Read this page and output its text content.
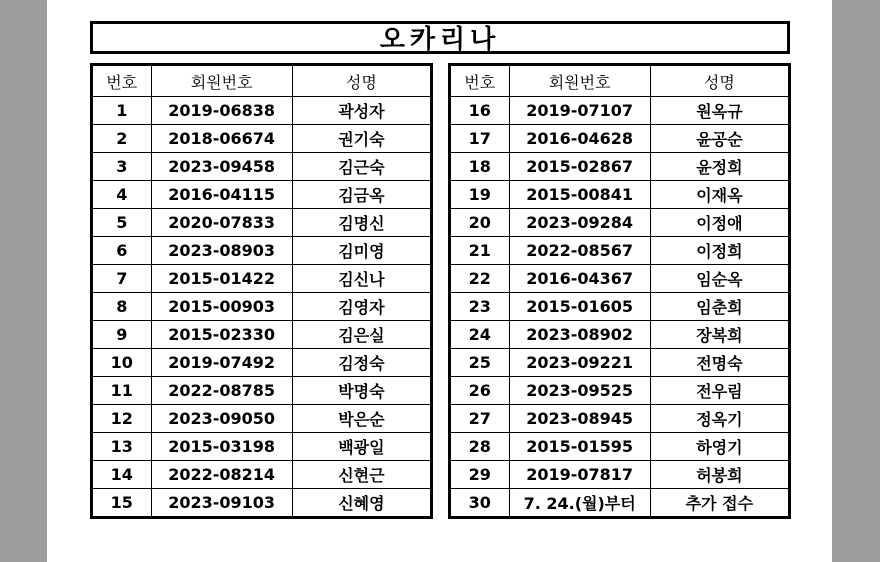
오카리나
번호	회원번호	성명
1	2019-06838	곽성자
2	2018-06674	권기숙
3	2023-09458	김근숙
4	2016-04115	김금옥
5	2020-07833	김명신
6	2023-08903	김미영
7	2015-01422	김신나
8	2015-00903	김영자
9	2015-02330	김은실
10	2019-07492	김정숙
11	2022-08785	박명숙
12	2023-09050	박은순
13	2015-03198	백광일
14	2022-08214	신현근
15	2023-09103	신혜영
번호	회원번호	성명
16	2019-07107	원옥규
17	2016-04628	윤공순
18	2015-02867	윤정희
19	2015-00841	이재옥
20	2023-09284	이정애
21	2022-08567	이정희
22	2016-04367	임순옥
23	2015-01605	임춘희
24	2023-08902	장복희
25	2023-09221	전명숙
26	2023-09525	전우림
27	2023-08945	정옥기
28	2015-01595	하영기
29	2019-07817	허봉희
30	7. 24.(월)부터	추가 접수
